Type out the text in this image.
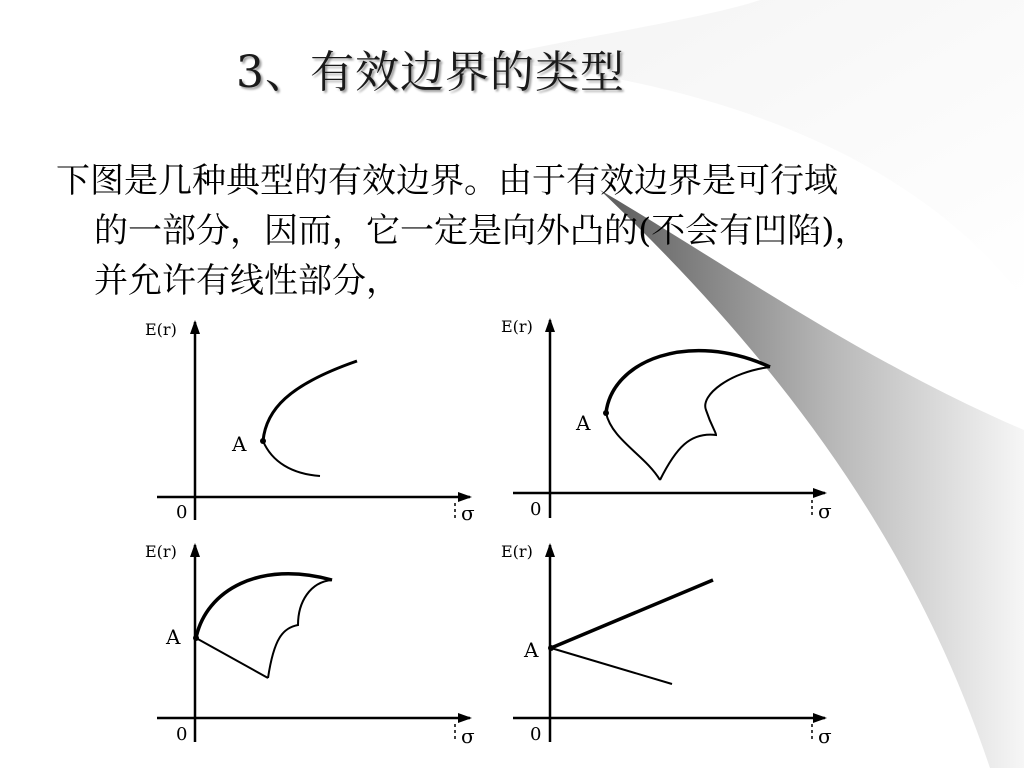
3、有效边界的类型
下图是几种典型的有效边界。由于有效边界是可行域
的一部分，因而，它一定是向外凸的(不会有凹陷)，
并允许有线性部分，
E(r)
σ
0
A
E(r)
σ
0
A
E(r)
σ
0
A
E(r)
σ
0
A
